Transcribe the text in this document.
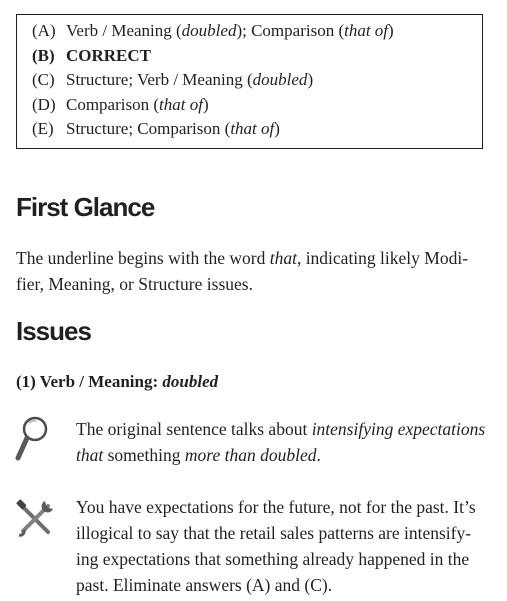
(A) Verb / Meaning (doubled); Comparison (that of)
(B) CORRECT
(C) Structure; Verb / Meaning (doubled)
(D) Comparison (that of)
(E) Structure; Comparison (that of)
First Glance
The underline begins with the word that, indicating likely Modi-fier, Meaning, or Structure issues.
Issues
(1) Verb / Meaning: doubled
The original sentence talks about intensifying expectations that something more than doubled.
You have expectations for the future, not for the past. It’s illogical to say that the retail sales patterns are intensify-ing expectations that something already happened in the past. Eliminate answers (A) and (C).
